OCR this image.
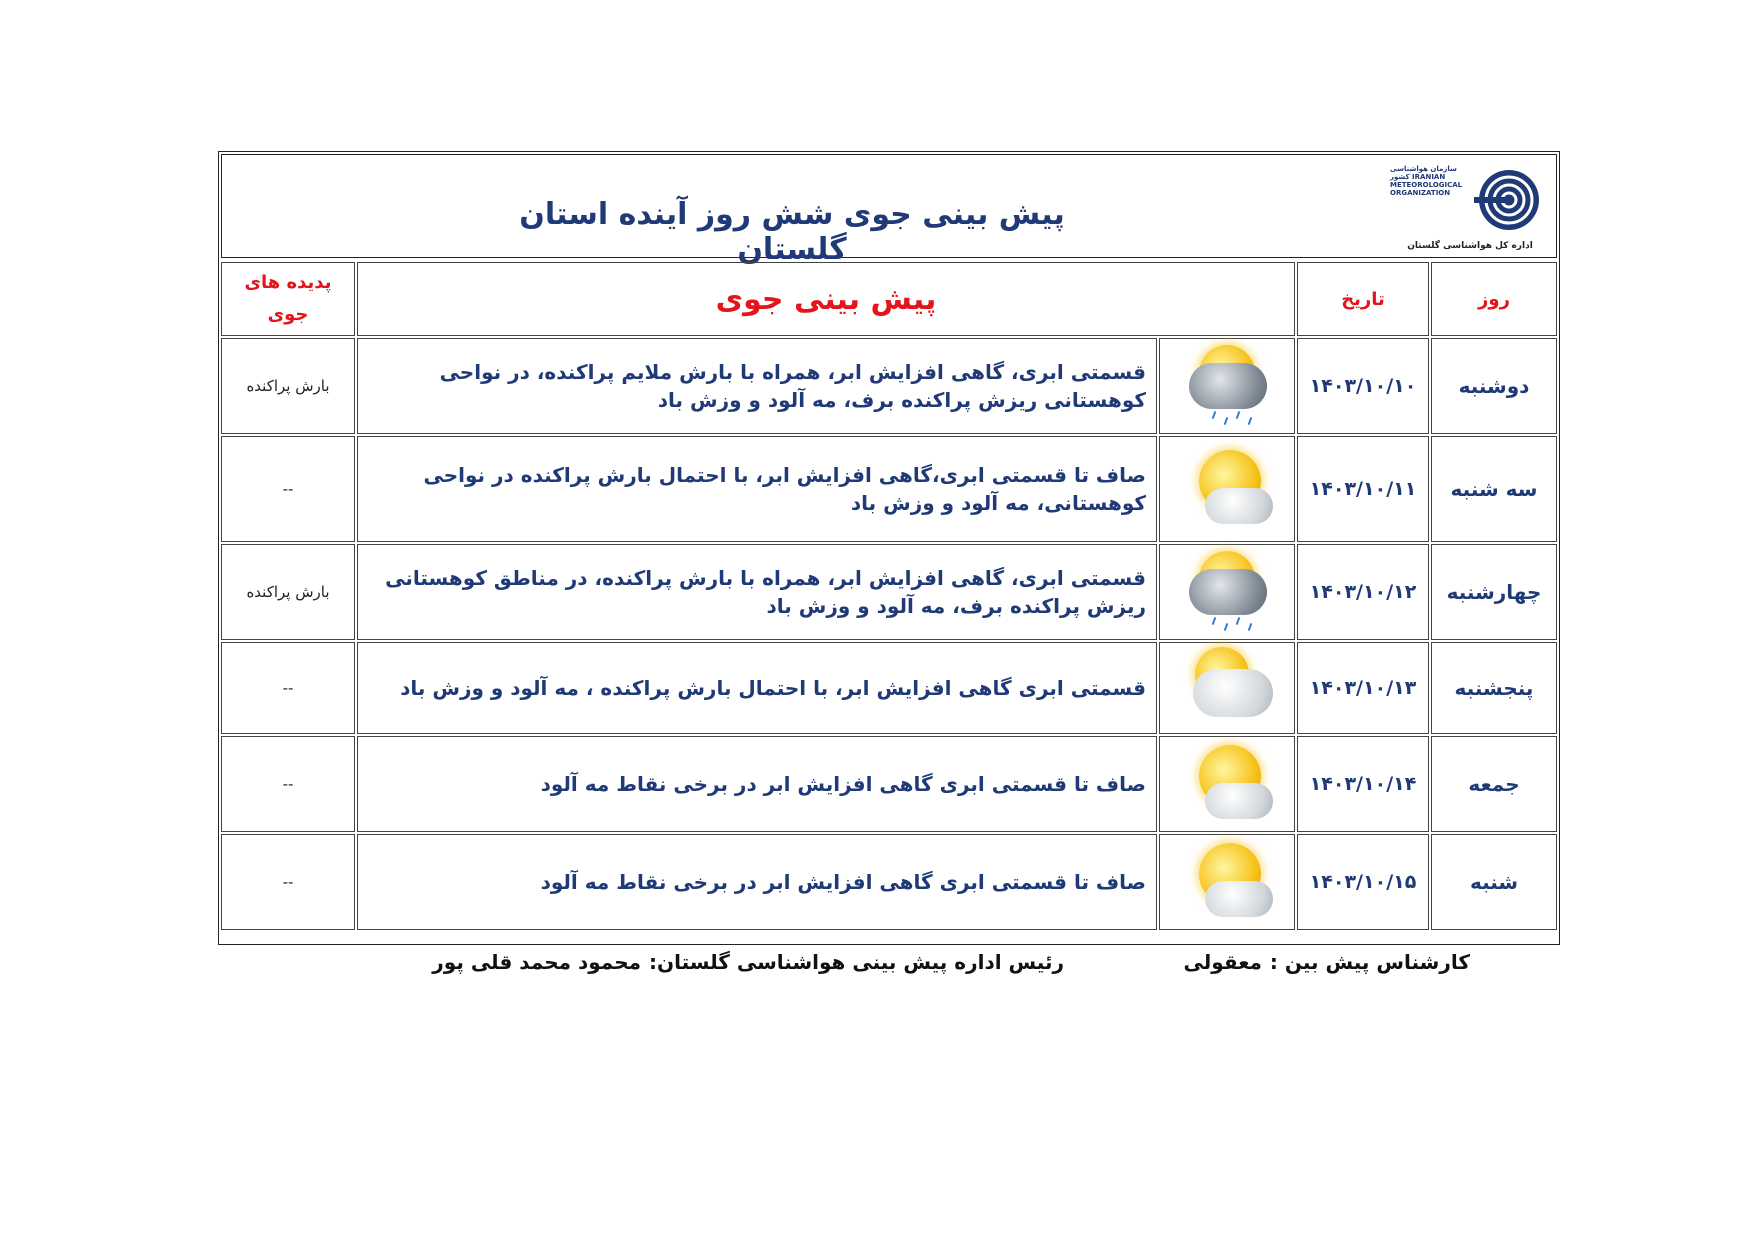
پیش بینی جوی شش روز آینده استان گلستان
سازمان هواشناسی کشور IRANIAN METEOROLOGICAL ORGANIZATION
اداره کل هواشناسی گلستان
پدیده های جوی	پیش بینی جوی		تاریخ	روز
بارش پراکنده	قسمتی ابری، گاهی افزایش ابر، همراه با بارش ملایم پراکنده، در نواحی کوهستانی ریزش پراکنده برف، مه آلود و وزش باد		۱۴۰۳/۱۰/۱۰	دوشنبه
--	صاف تا قسمتی ابری،گاهی افزایش ابر، با احتمال بارش پراکنده در نواحی کوهستانی، مه آلود و وزش باد		۱۴۰۳/۱۰/۱۱	سه شنبه
بارش پراکنده	قسمتی ابری، گاهی افزایش ابر، همراه با بارش پراکنده، در مناطق کوهستانی ریزش پراکنده برف، مه آلود و وزش باد		۱۴۰۳/۱۰/۱۲	چهارشنبه
--	قسمتی ابری گاهی افزایش ابر، با احتمال بارش پراکنده ، مه آلود و وزش باد		۱۴۰۳/۱۰/۱۳	پنجشنبه
--	صاف تا قسمتی ابری گاهی افزایش ابر در برخی نقاط مه آلود		۱۴۰۳/۱۰/۱۴	جمعه
--	صاف تا قسمتی ابری گاهی افزایش ابر در برخی نقاط مه آلود		۱۴۰۳/۱۰/۱۵	شنبه
کارشناس پیش بین :معقولی
رئیس اداره پیش بینی هواشناسی گلستان:محمود محمد قلی پور
